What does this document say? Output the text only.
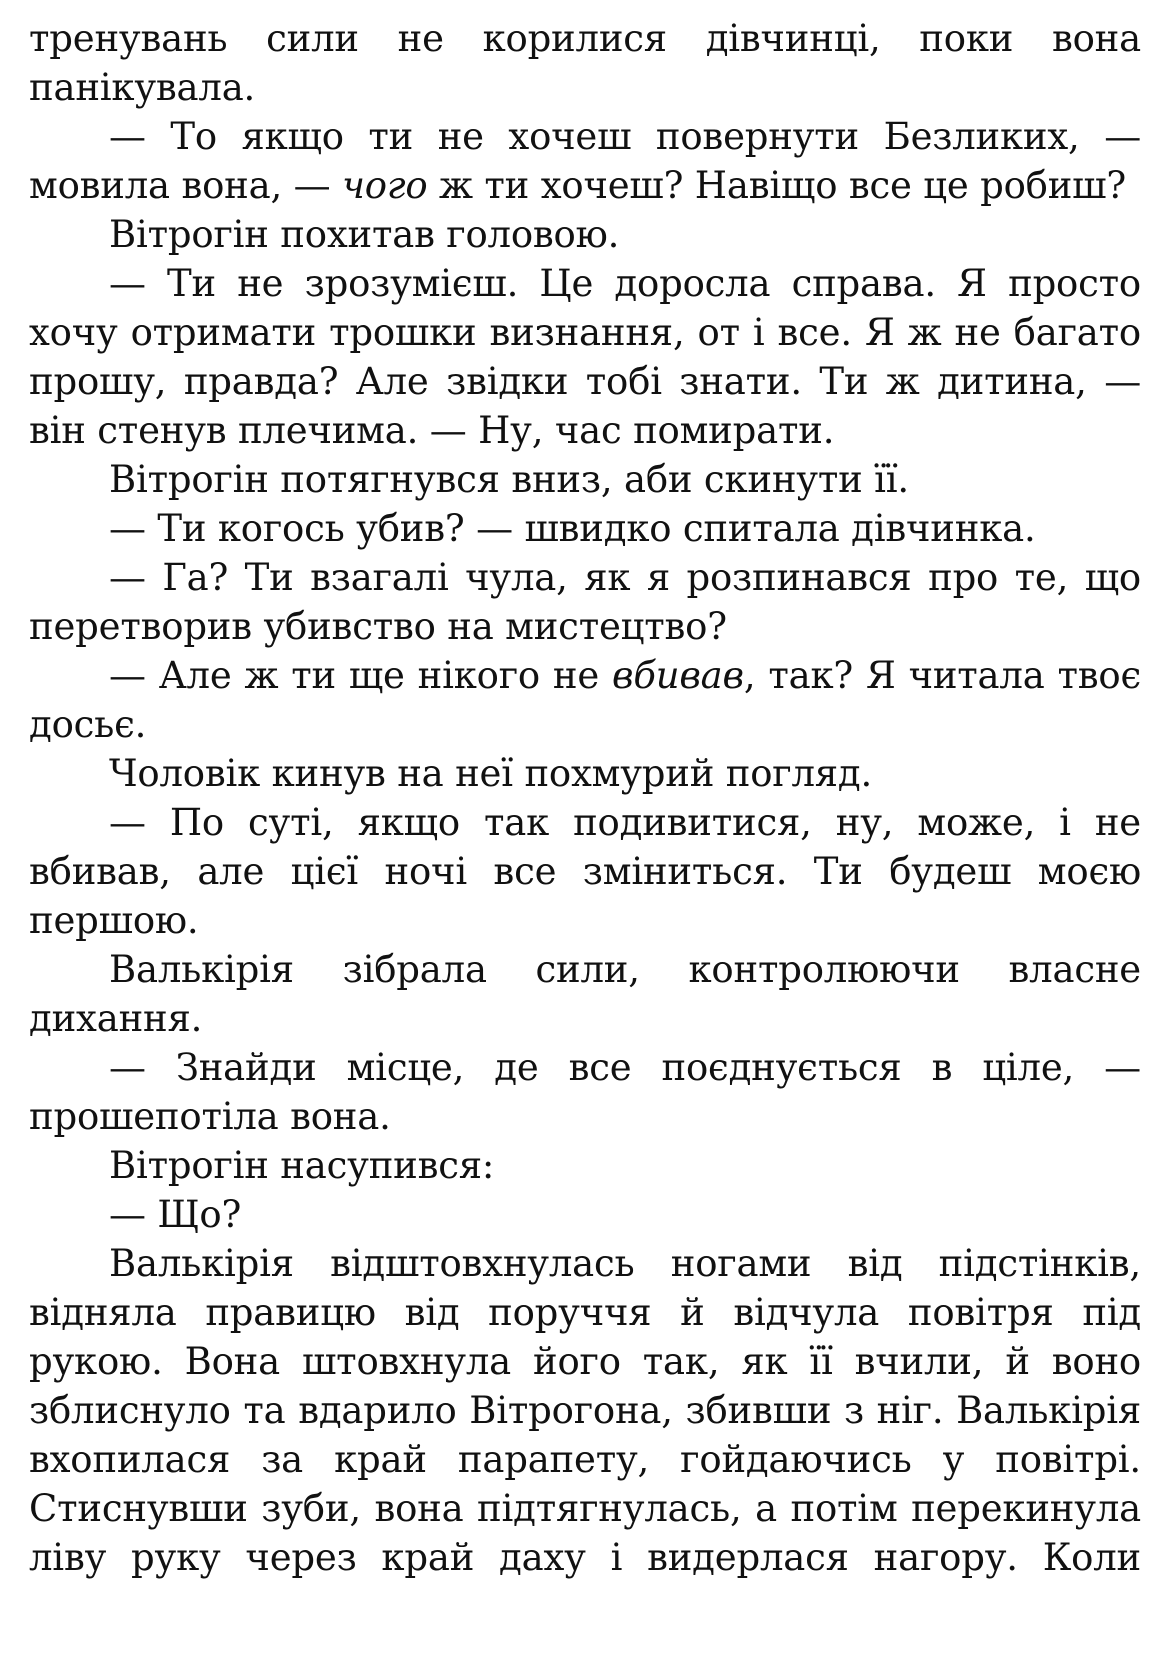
тренувань сили не корилися дівчинці, поки вона панікувала.

— То якщо ти не хочеш повернути Безликих, — мовила вона, — чого ж ти хочеш? Навіщо все це робиш?

Вітрогін похитав головою.

— Ти не зрозумієш. Це доросла справа. Я просто хочу отримати трошки визнання, от і все. Я ж не багато прошу, правда? Але звідки тобі знати. Ти ж дитина, — він стенув плечима. — Ну, час помирати.

Вітрогін потягнувся вниз, аби скинути її.

— Ти когось убив? — швидко спитала дівчинка.

— Га? Ти взагалі чула, як я розпинався про те, що перетворив убивство на мистецтво?

— Але ж ти ще нікого не вбивав, так? Я читала твоє досьє.

Чоловік кинув на неї похмурий погляд.

— По суті, якщо так подивитися, ну, може, і не вбивав, але цієї ночі все зміниться. Ти будеш моєю першою.

Валькірія зібрала сили, контролюючи власне дихання.

— Знайди місце, де все поєднується в ціле, — прошепотіла вона.

Вітрогін насупився:

— Що?

Валькірія відштовхнулась ногами від підстінків, відняла правицю від поруччя й відчула повітря під рукою. Вона штовхнула його так, як її вчили, й воно зблиснуло та вдарило Вітрогона, збивши з ніг. Валькірія вхопилася за край парапету, гойдаючись у повітрі. Стиснувши зуби, вона підтягнулась, а потім перекинула ліву руку через край даху і видерлася нагору. Коли
